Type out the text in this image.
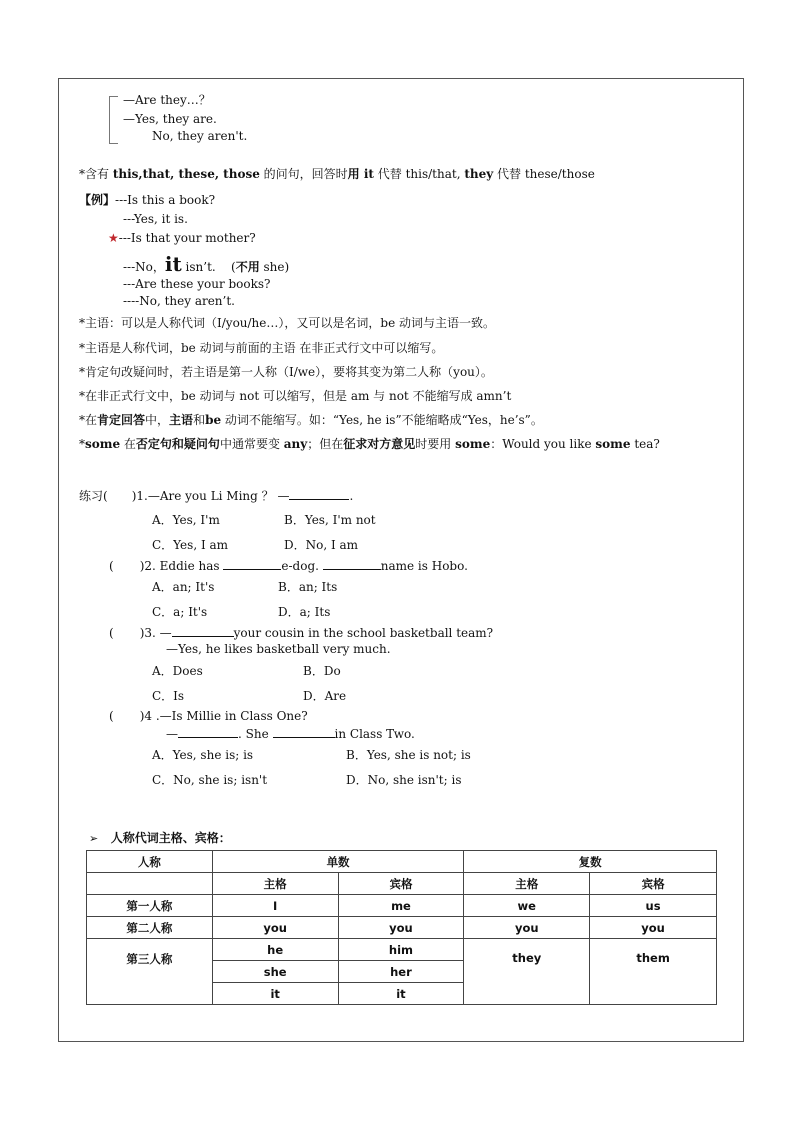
—Are they…？
—Yes, they are.
No, they aren't.
*含有 this,that, these, those 的问句，回答时用 it 代替 this/that, they 代替 these/those
【例】---Is this a book?
---Yes, it is.
★---Is that your mother?
---No，it isn’t. (不用 she)
---Are these your books?
----No, they aren’t.
*主语：可以是人称代词（I/you/he…），又可以是名词，be 动词与主语一致。
*主语是人称代词，be 动词与前面的主语 在非正式行文中可以缩写。
*肯定句改疑问时，若主语是第一人称（I/we），要将其变为第二人称（you）。
*在非正式行文中，be 动词与 not 可以缩写，但是 am 与 not 不能缩写成 amn’t
*在肯定回答中，主语和be 动词不能缩写。如：“Yes, he is”不能缩略成“Yes，he’s”。
*some 在否定句和疑问句中通常要变 any；但在征求对方意见时要用 some：Would you like some tea?
练习( )1.—Are you Li Ming ？ —	.
A．Yes, I'm	B．Yes, I'm not
C．Yes, I am	D．No, I am
( )2. Eddie has	e-dog.	name is Hobo.
A．an; It's	B．an; Its
C．a; It's	D．a; Its
( )3. —	your cousin in the school basketball team?
—Yes, he likes basketball very much.
A．Does	B．Do
C．Is	D．Are
( )4 .—Is Millie in Class One?
—	. She	in Class Two.
A．Yes, she is; is	B．Yes, she is not; is
C．No, she is; isn't	D．No, she isn't; is
➢ 人称代词主格、宾格：
人称	单数		复数	
	主格	宾格	主格	宾格
第一人称	I	me	we	us
第二人称	you	you	you	you
第三人称	he	him	they	them
	she	her		
	it	it		
